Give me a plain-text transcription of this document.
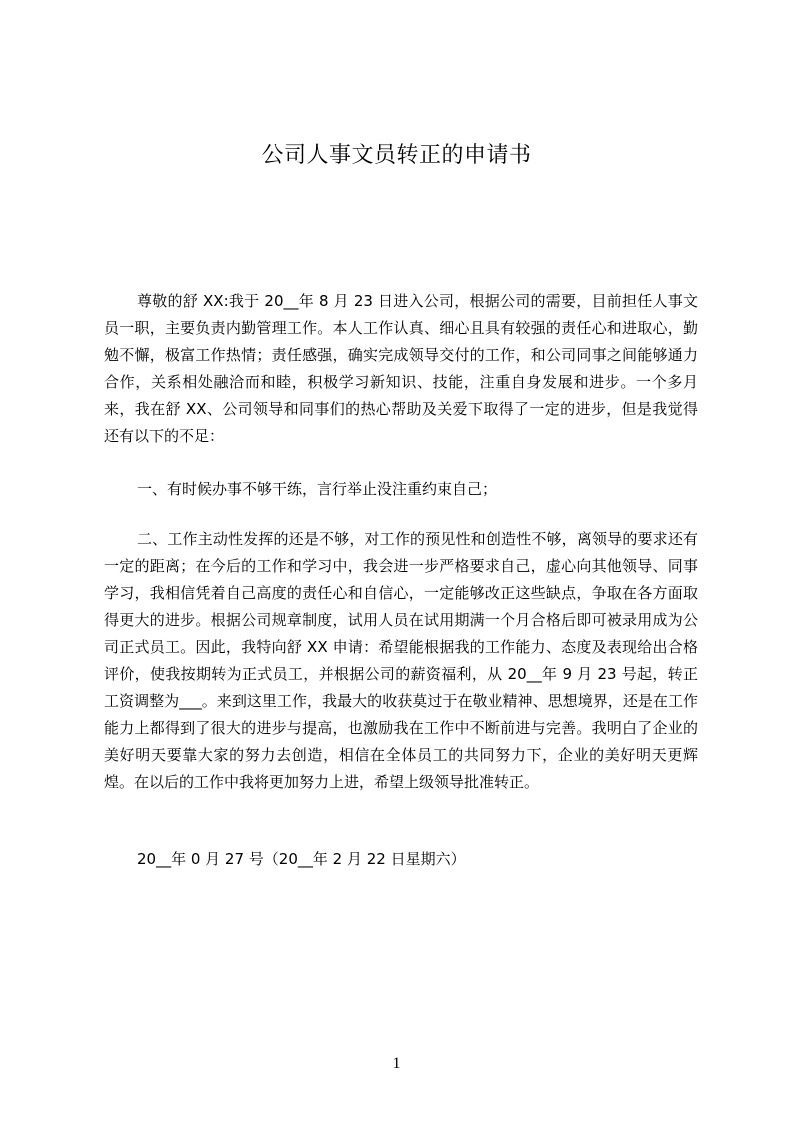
公司人事文员转正的申请书
尊敬的舒 XX:我于 20__年 8 月 23 日进入公司，根据公司的需要，目前担任人事文员一职，主要负责内勤管理工作。本人工作认真、细心且具有较强的责任心和进取心，勤勉不懈，极富工作热情；责任感强，确实完成领导交付的工作，和公司同事之间能够通力合作，关系相处融洽而和睦，积极学习新知识、技能，注重自身发展和进步。一个多月来，我在舒 XX、公司领导和同事们的热心帮助及关爱下取得了一定的进步，但是我觉得还有以下的不足：
一、有时候办事不够干练，言行举止没注重约束自己；
二、工作主动性发挥的还是不够，对工作的预见性和创造性不够，离领导的要求还有一定的距离；在今后的工作和学习中，我会进一步严格要求自己，虚心向其他领导、同事学习，我相信凭着自己高度的责任心和自信心，一定能够改正这些缺点，争取在各方面取得更大的进步。根据公司规章制度，试用人员在试用期满一个月合格后即可被录用成为公司正式员工。因此，我特向舒 XX 申请：希望能根据我的工作能力、态度及表现给出合格评价，使我按期转为正式员工，并根据公司的薪资福利，从 20__年 9 月 23 号起，转正工资调整为___。来到这里工作，我最大的收获莫过于在敬业精神、思想境界，还是在工作能力上都得到了很大的进步与提高，也激励我在工作中不断前进与完善。我明白了企业的美好明天要靠大家的努力去创造，相信在全体员工的共同努力下，企业的美好明天更辉煌。在以后的工作中我将更加努力上进，希望上级领导批准转正。
20__年 0 月 27 号（20__年 2 月 22 日星期六）
1
